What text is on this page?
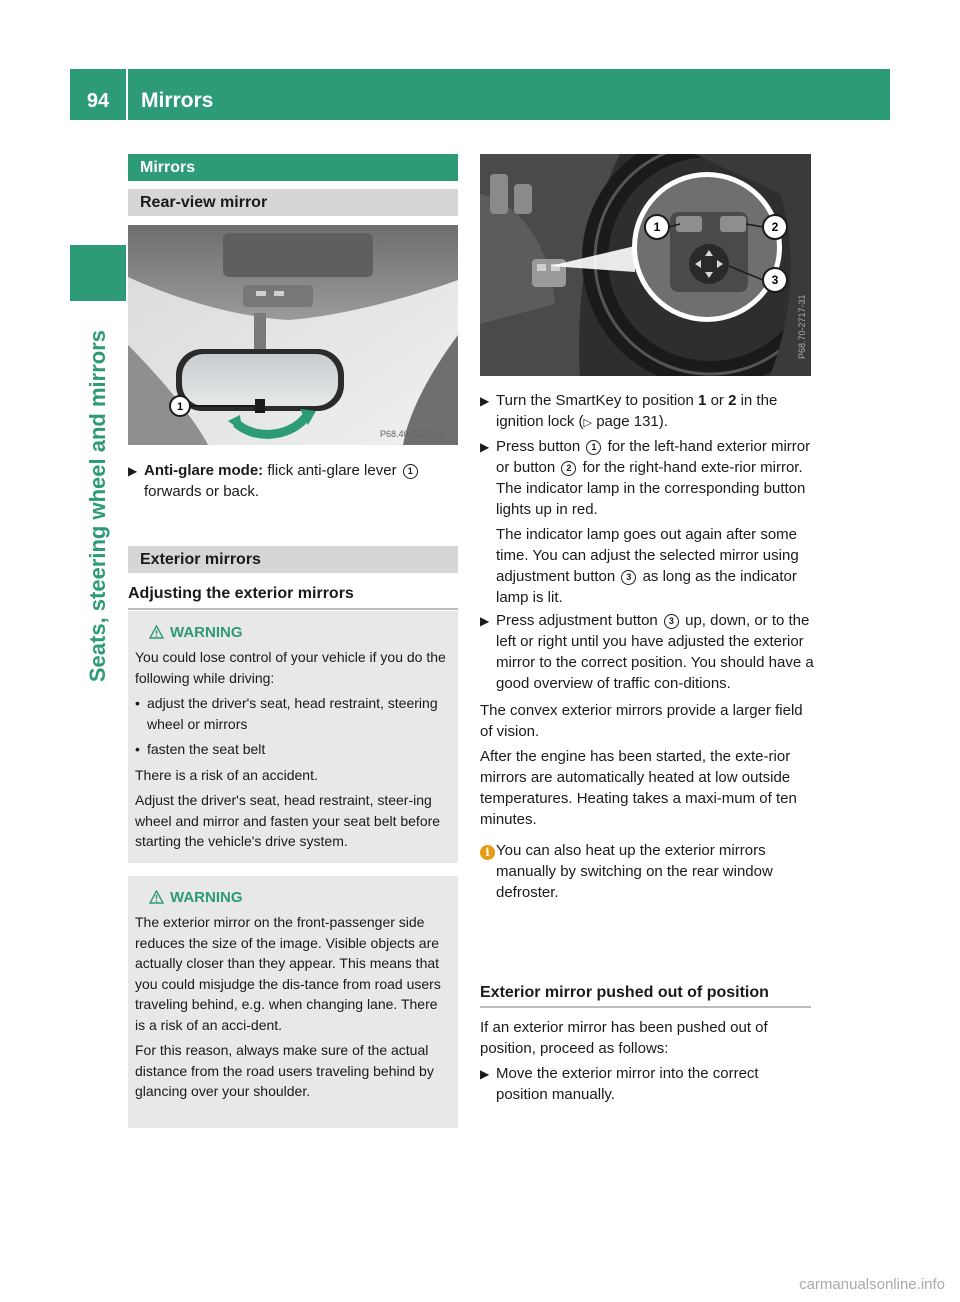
94	Mirrors
Seats, steering wheel and mirrors
Mirrors
Rear-view mirror
1
P68.40-2222-31

▶ Anti-glare mode: flick anti-glare lever 1
forwards or back.

Exterior mirrors
Adjusting the exterior mirrors
WARNING

You could lose control of your vehicle if you do the following while driving:

• adjust the driver's seat, head restraint, steering wheel or mirrors

• fasten the seat belt

There is a risk of an accident.

Adjust the driver's seat, head restraint, steer-ing wheel and mirror and fasten your seat belt before starting the vehicle's drive system.

WARNING

The exterior mirror on the front-passenger side reduces the size of the image. Visible objects are actually closer than they appear. This means that you could misjudge the dis-tance from road users traveling behind, e.g. when changing lane. There is a risk of an acci-dent.

For this reason, always make sure of the actual distance from the road users traveling behind by glancing over your shoulder.

1	2
3
P68.70-2717-31

▶ Turn the SmartKey to position 1 or 2 in the ignition lock (▷ page 131).

▶ Press button 1 for the left-hand exterior mirror or button 2 for the right-hand exte-rior mirror.

The indicator lamp in the corresponding button lights up in red.

The indicator lamp goes out again after some time. You can adjust the selected mirror using adjustment button 3 as long as the indicator lamp is lit.

▶ Press adjustment button 3 up, down, or to the left or right until you have adjusted the exterior mirror to the correct position. You should have a good overview of traffic con-ditions.

The convex exterior mirrors provide a larger field of vision.

After the engine has been started, the exte-rior mirrors are automatically heated at low outside temperatures. Heating takes a maxi-mum of ten minutes.

i You can also heat up the exterior mirrors manually by switching on the rear window defroster.

Exterior mirror pushed out of position

If an exterior mirror has been pushed out of position, proceed as follows:

▶ Move the exterior mirror into the correct position manually.

carmanualsonline.info
